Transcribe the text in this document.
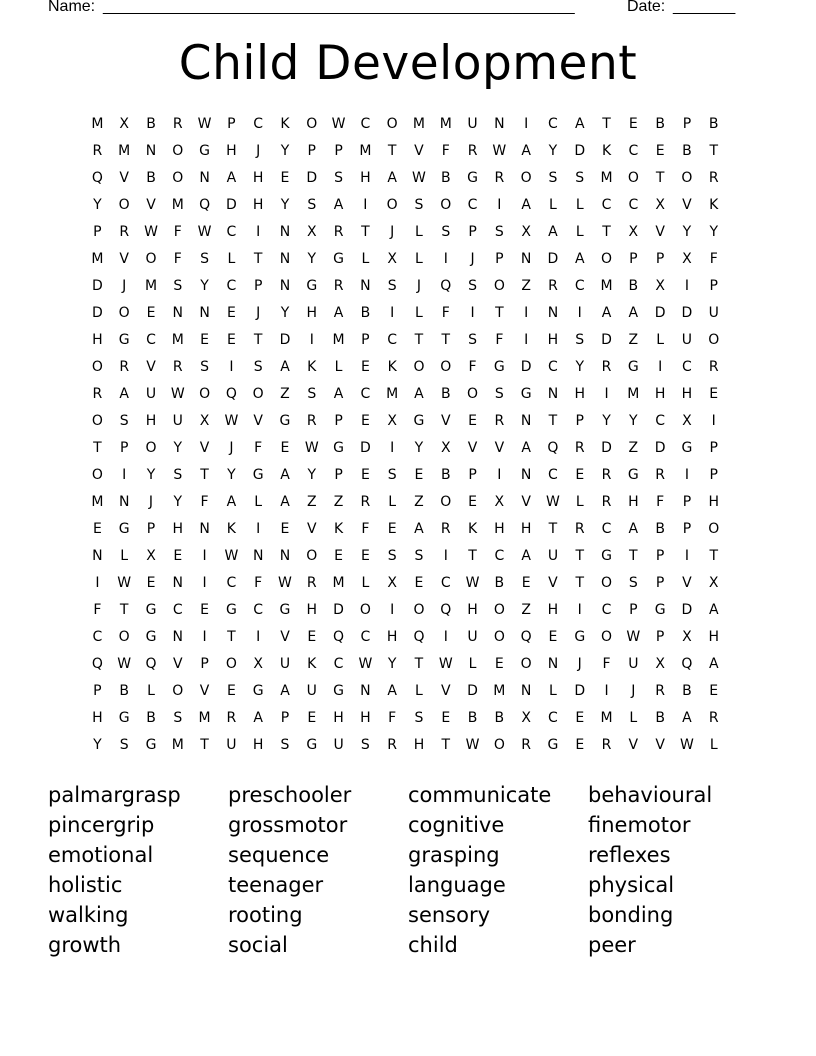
Name:

_____________________________________________________

	Date:

_______

Child Development
M	X	B	R	W	P	C	K	O	W	C	O	M	M	U	N	I	C	A	T	E	B	P	B
R	M	N	O	G	H	J	Y	P	P	M	T	V	F	R	W	A	Y	D	K	C	E	B	T
Q	V	B	O	N	A	H	E	D	S	H	A	W	B	G	R	O	S	S	M	O	T	O	R
Y	O	V	M	Q	D	H	Y	S	A	I	O	S	O	C	I	A	L	L	C	C	X	V	K
P	R	W	F	W	C	I	N	X	R	T	J	L	S	P	S	X	A	L	T	X	V	Y	Y
M	V	O	F	S	L	T	N	Y	G	L	X	L	I	J	P	N	D	A	O	P	P	X	F
D	J	M	S	Y	C	P	N	G	R	N	S	J	Q	S	O	Z	R	C	M	B	X	I	P
D	O	E	N	N	E	J	Y	H	A	B	I	L	F	I	T	I	N	I	A	A	D	D	U
H	G	C	M	E	E	T	D	I	M	P	C	T	T	S	F	I	H	S	D	Z	L	U	O
O	R	V	R	S	I	S	A	K	L	E	K	O	O	F	G	D	C	Y	R	G	I	C	R
R	A	U	W	O	Q	O	Z	S	A	C	M	A	B	O	S	G	N	H	I	M	H	H	E
O	S	H	U	X	W	V	G	R	P	E	X	G	V	E	R	N	T	P	Y	Y	C	X	I
T	P	O	Y	V	J	F	E	W	G	D	I	Y	X	V	V	A	Q	R	D	Z	D	G	P
O	I	Y	S	T	Y	G	A	Y	P	E	S	E	B	P	I	N	C	E	R	G	R	I	P
M	N	J	Y	F	A	L	A	Z	Z	R	L	Z	O	E	X	V	W	L	R	H	F	P	H
E	G	P	H	N	K	I	E	V	K	F	E	A	R	K	H	H	T	R	C	A	B	P	O
N	L	X	E	I	W	N	N	O	E	E	S	S	I	T	C	A	U	T	G	T	P	I	T
I	W	E	N	I	C	F	W	R	M	L	X	E	C	W	B	E	V	T	O	S	P	V	X
F	T	G	C	E	G	C	G	H	D	O	I	O	Q	H	O	Z	H	I	C	P	G	D	A
C	O	G	N	I	T	I	V	E	Q	C	H	Q	I	U	O	Q	E	G	O	W	P	X	H
Q	W	Q	V	P	O	X	U	K	C	W	Y	T	W	L	E	O	N	J	F	U	X	Q	A
P	B	L	O	V	E	G	A	U	G	N	A	L	V	D	M	N	L	D	I	J	R	B	E
H	G	B	S	M	R	A	P	E	H	H	F	S	E	B	B	X	C	E	M	L	B	A	R
Y	S	G	M	T	U	H	S	G	U	S	R	H	T	W	O	R	G	E	R	V	V	W	L
palmargrasp	preschooler	communicate	behavioural
pincergrip	grossmotor	cognitive	finemotor
emotional	sequence	grasping	reflexes
holistic	teenager	language	physical
walking	rooting	sensory	bonding
growth	social	child	peer
